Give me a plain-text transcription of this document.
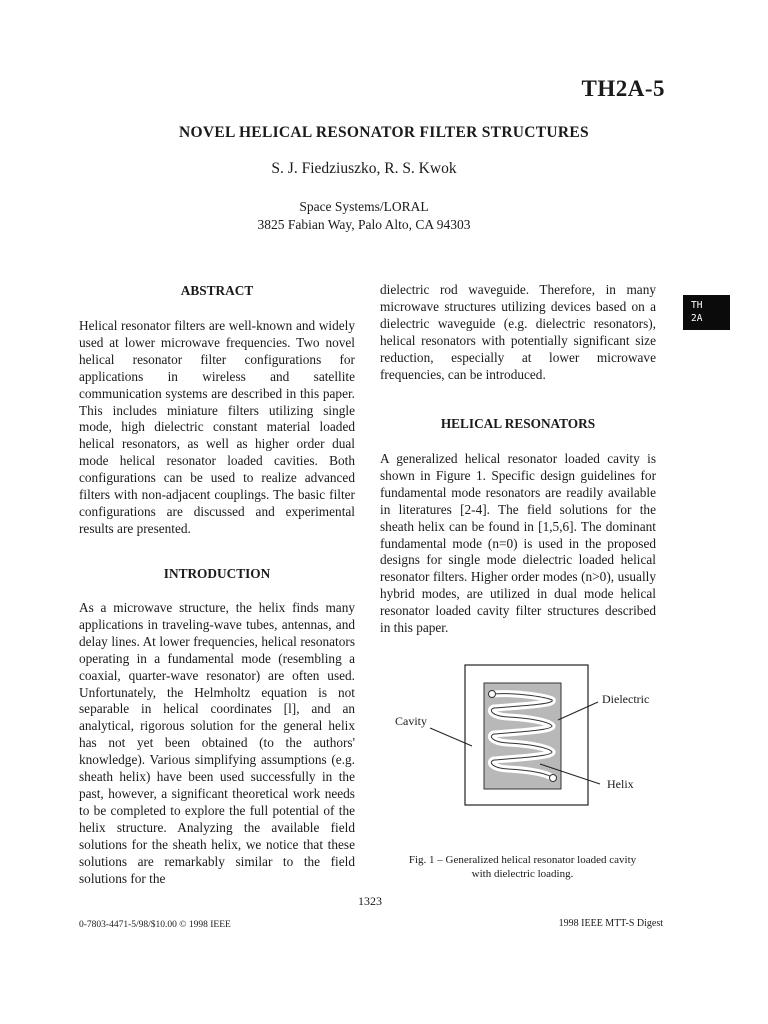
TH2A-5
NOVEL HELICAL RESONATOR FILTER STRUCTURES
S. J. Fiedziuszko, R. S. Kwok
Space Systems/LORAL
3825 Fabian Way, Palo Alto, CA 94303
TH
2A
ABSTRACT

Helical resonator filters are well-known and widely used at lower microwave frequencies. Two novel helical resonator filter configurations for applications in wireless and satellite communication systems are described in this paper. This includes miniature filters utilizing single mode, high dielectric constant material loaded helical resonators, as well as higher order dual mode helical resonator loaded cavities. Both configurations can be used to realize advanced filters with non-adjacent couplings. The basic filter configurations are discussed and experimental results are presented.

INTRODUCTION

As a microwave structure, the helix finds many applications in traveling-wave tubes, antennas, and delay lines. At lower frequencies, helical resonators operating in a fundamental mode (resembling a coaxial, quarter-wave resonator) are often used. Unfortunately, the Helmholtz equation is not separable in helical coordinates [l], and an analytical, rigorous solution for the general helix has not yet been obtained (to the authors' knowledge). Various simplifying assumptions (e.g. sheath helix) have been used successfully in the past, however, a significant theoretical work needs to be completed to explore the full potential of the helix structure. Analyzing the available field solutions for the sheath helix, we notice that these solutions are remarkably similar to the field solutions for the

dielectric rod waveguide. Therefore, in many microwave structures utilizing devices based on a dielectric waveguide (e.g. dielectric resonators), helical resonators with potentially significant size reduction, especially at lower microwave frequencies, can be introduced.

HELICAL RESONATORS

A generalized helical resonator loaded cavity is shown in Figure 1. Specific design guidelines for fundamental mode resonators are readily available in literatures [2-4]. The field solutions for the sheath helix can be found in [1,5,6]. The dominant fundamental mode (n=0) is used in the proposed designs for single mode dielectric loaded helical resonator filters. Higher order modes (n>0), usually hybrid modes, are utilized in dual mode helical resonator loaded cavity filter structures described in this paper.

Dielectric
Cavity
Helix
Fig. 1 – Generalized helical resonator loaded cavity
with dielectric loading.
1323
0-7803-4471-5/98/$10.00 © 1998 IEEE	1998 IEEE MTT-S Digest
